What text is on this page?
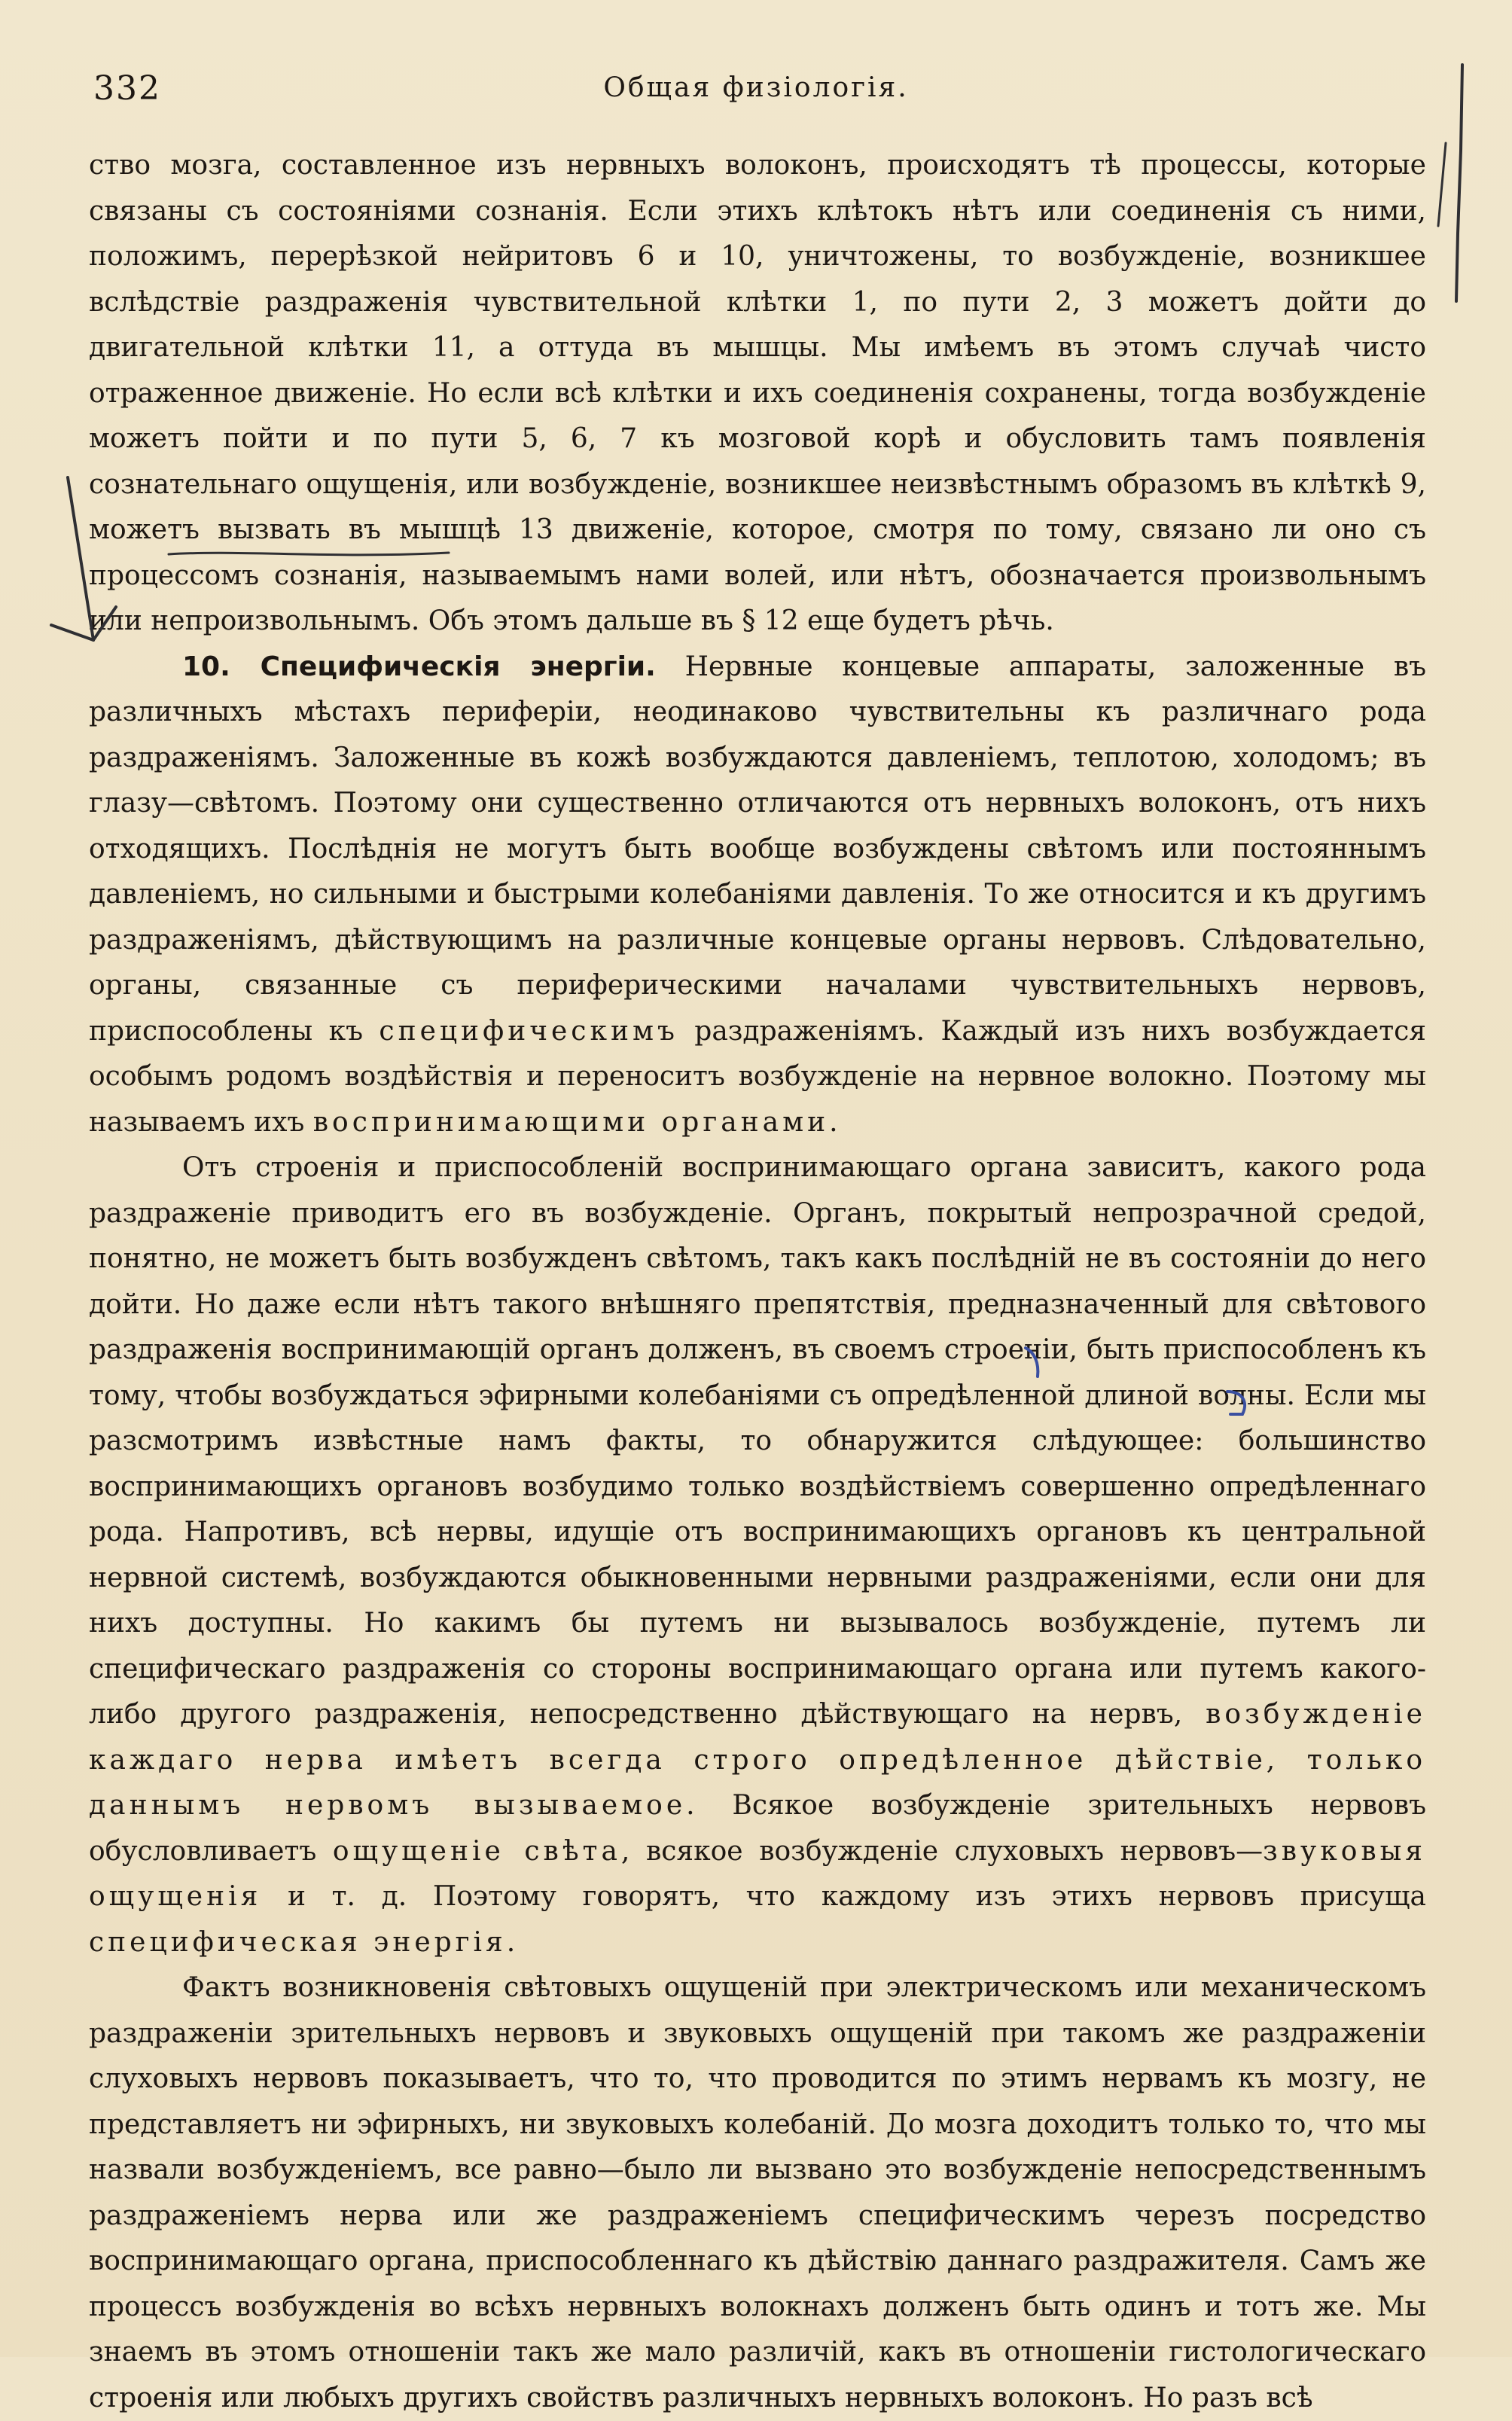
332	Общая физiологiя.

ство мозга, составленное изъ нервныхъ волоконъ, происходятъ тѣ процессы, которые связаны съ состоянiями сознанiя. Если этихъ клѣтокъ нѣтъ или соединенiя съ ними, положимъ, перерѣзкой нейритовъ 6 и 10, уничтожены, то возбужденiе, возникшее вслѣдствiе раздраженiя чувствительной клѣтки 1, по пути 2, 3 можетъ дойти до двигательной клѣтки 11, а оттуда въ мышцы. Мы имѣемъ въ этомъ случаѣ чисто отраженное движенiе. Но если всѣ клѣтки и ихъ соединенiя сохранены, тогда возбужденiе можетъ пойти и по пути 5, 6, 7 къ мозговой корѣ и обусловить тамъ появленiя сознательнаго ощущенiя, или возбужденiе, возникшее неизвѣстнымъ образомъ въ клѣткѣ 9, можетъ вызвать въ мышцѣ 13 движенiе, которое, смотря по тому, связано ли оно съ процессомъ сознанiя, называемымъ нами волей, или нѣтъ, обозначается произвольнымъ или непроизвольнымъ. Объ этомъ дальше въ § 12 еще будетъ рѣчь.

10. Специфическiя энергiи. Нервные концевые аппараты, заложенные въ различныхъ мѣстахъ периферiи, неодинаково чувствительны къ различнаго рода раздраженiямъ. Заложенные въ кожѣ возбуждаются давленiемъ, теплотою, холодомъ; въ глазу—свѣтомъ. Поэтому они существенно отличаются отъ нервныхъ волоконъ, отъ нихъ отходящихъ. Послѣднiя не могутъ быть вообще возбуждены свѣтомъ или постояннымъ давленiемъ, но сильными и быстрыми колебанiями давленiя. То же относится и къ другимъ раздраженiямъ, дѣйствующимъ на различные концевые органы нервовъ. Слѣдовательно, органы, связанные съ периферическими началами чувствительныхъ нервовъ, приспособлены къ специфическимъ раздраженiямъ. Каждый изъ нихъ возбуждается особымъ родомъ воздѣйствiя и переноситъ возбужденiе на нервное волокно. Поэтому мы называемъ ихъ воспринимающими органами.

Отъ строенiя и приспособленiй воспринимающаго органа зависитъ, какого рода раздраженiе приводитъ его въ возбужденiе. Органъ, покрытый непрозрачной средой, понятно, не можетъ быть возбужденъ свѣтомъ, такъ какъ послѣднiй не въ состоянiи до него дойти. Но даже если нѣтъ такого внѣшняго препятствiя, предназначенный для свѣтового раздраженiя воспринимающiй органъ долженъ, въ своемъ строенiи, быть приспособленъ къ тому, чтобы возбуждаться эфирными колебанiями съ опредѣленной длиной волны. Если мы разсмотримъ извѣстные намъ факты, то обнаружится слѣдующее: большинство воспринимающихъ органовъ возбудимо только воздѣйствiемъ совершенно опредѣленнаго рода. Напротивъ, всѣ нервы, идущiе отъ воспринимающихъ органовъ къ центральной нервной системѣ, возбуждаются обыкновенными нервными раздраженiями, если они для нихъ доступны. Но какимъ бы путемъ ни вызывалось возбужденiе, путемъ ли специфическаго раздраженiя со стороны воспринимающаго органа или путемъ какого-либо другого раздраженiя, непосредственно дѣйствующаго на нервъ, возбужденiе каждаго нерва имѣетъ всегда строго опредѣленное дѣйствiе, только даннымъ нервомъ вызываемое. Всякое возбужденiе зрительныхъ нервовъ обусловливаетъ ощущенiе свѣта, всякое возбужденiе слуховыхъ нервовъ—звуковыя ощущенiя и т. д. Поэтому говорятъ, что каждому изъ этихъ нервовъ присуща специфическая энергiя.

Фактъ возникновенiя свѣтовыхъ ощущенiй при электрическомъ или механическомъ раздраженiи зрительныхъ нервовъ и звуковыхъ ощущенiй при такомъ же раздраженiи слуховыхъ нервовъ показываетъ, что то, что проводится по этимъ нервамъ къ мозгу, не представляетъ ни эфирныхъ, ни звуковыхъ колебанiй. До мозга доходитъ только то, что мы назвали возбужденiемъ, все равно—было ли вызвано это возбужденiе непосредственнымъ раздраженiемъ нерва или же раздраженiемъ специфическимъ черезъ посредство воспринимающаго органа, приспособленнаго къ дѣйствiю даннаго раздражителя. Самъ же процессъ возбужденiя во всѣхъ нервныхъ волокнахъ долженъ быть одинъ и тотъ же. Мы знаемъ въ этомъ отношенiи такъ же мало различiй, какъ въ отношенiи гистологическаго строенiя или любыхъ другихъ свойствъ различныхъ нервныхъ волоконъ. Но разъ всѣ
